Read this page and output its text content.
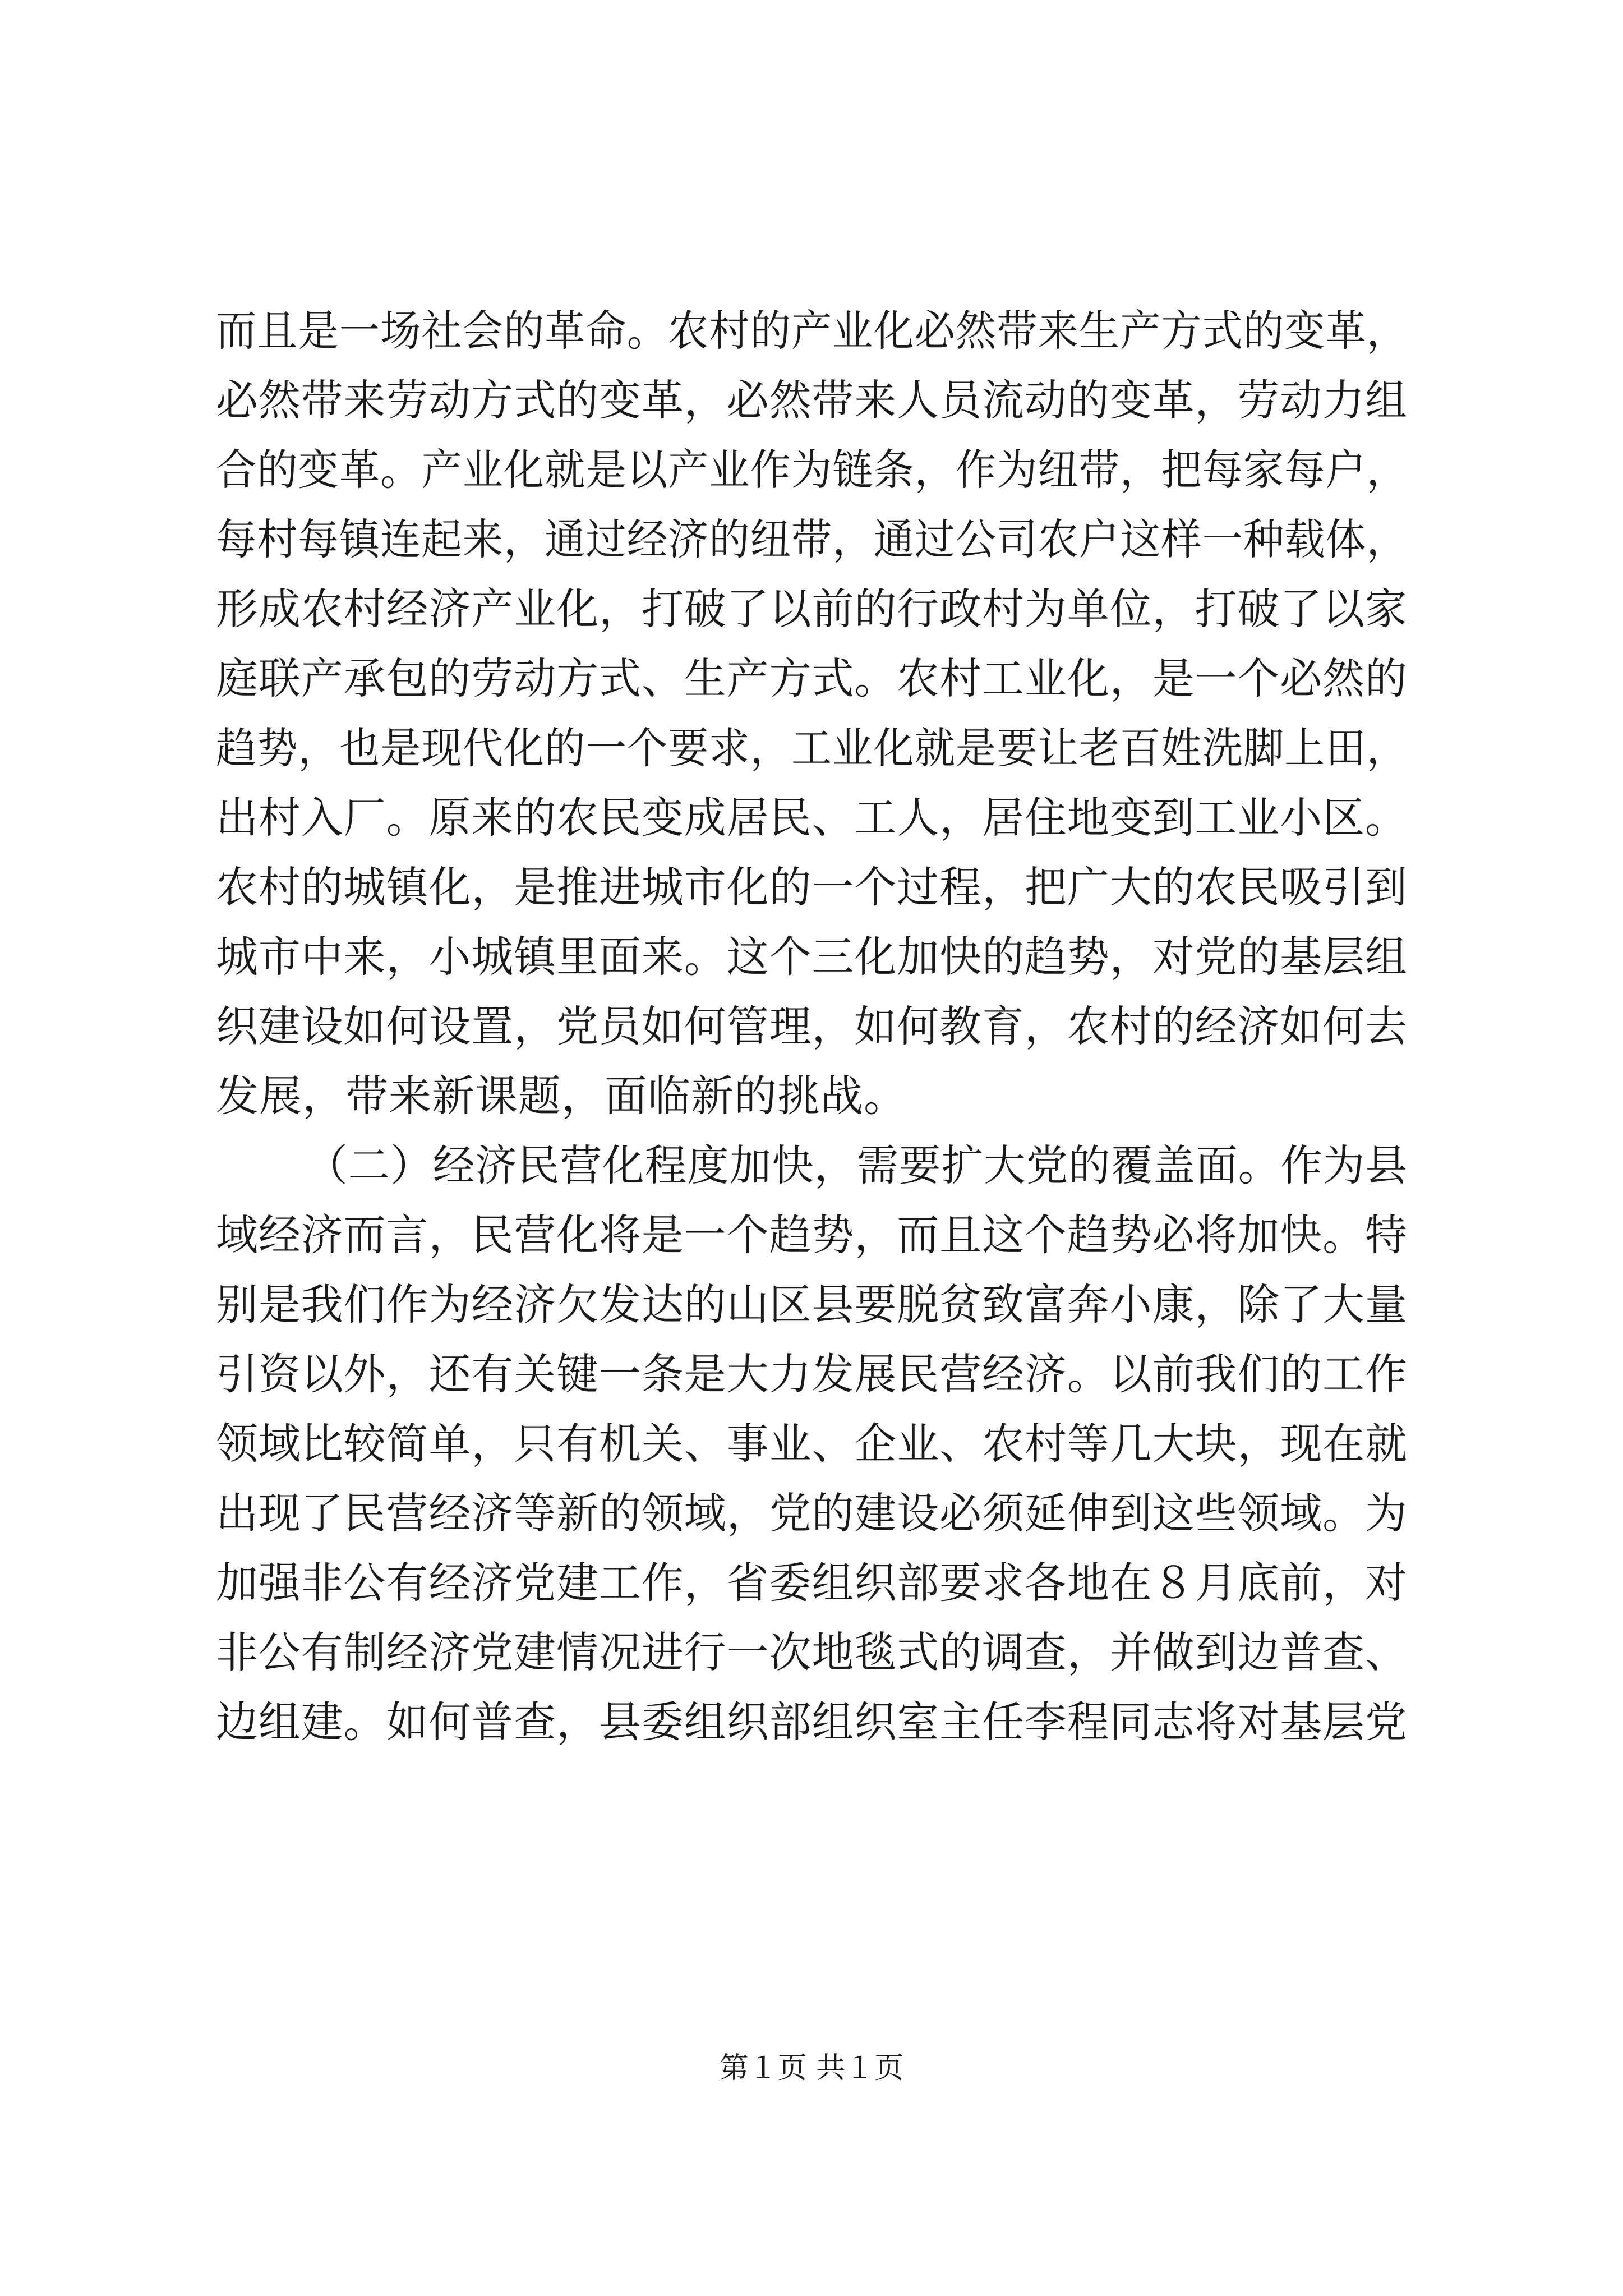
而且是一场社会的革命。农村的产业化必然带来生产方式的变革，
必然带来劳动方式的变革，必然带来人员流动的变革，劳动力组
合的变革。产业化就是以产业作为链条，作为纽带，把每家每户，
每村每镇连起来，通过经济的纽带，通过公司农户这样一种载体，
形成农村经济产业化，打破了以前的行政村为单位，打破了以家
庭联产承包的劳动方式、生产方式。农村工业化，是一个必然的
趋势，也是现代化的一个要求，工业化就是要让老百姓洗脚上田，
出村入厂。原来的农民变成居民、工人，居住地变到工业小区。
农村的城镇化，是推进城市化的一个过程，把广大的农民吸引到
城市中来，小城镇里面来。这个三化加快的趋势，对党的基层组
织建设如何设置，党员如何管理，如何教育，农村的经济如何去
发展，带来新课题，面临新的挑战。
（二）经济民营化程度加快，需要扩大党的覆盖面。作为县
域经济而言，民营化将是一个趋势，而且这个趋势必将加快。特
别是我们作为经济欠发达的山区县要脱贫致富奔小康，除了大量
引资以外，还有关键一条是大力发展民营经济。以前我们的工作
领域比较简单，只有机关、事业、企业、农村等几大块，现在就
出现了民营经济等新的领域，党的建设必须延伸到这些领域。为
加强非公有经济党建工作，省委组织部要求各地在８月底前，对
非公有制经济党建情况进行一次地毯式的调查，并做到边普查、
边组建。如何普查，县委组织部组织室主任李程同志将对基层党
第１页 共１页
